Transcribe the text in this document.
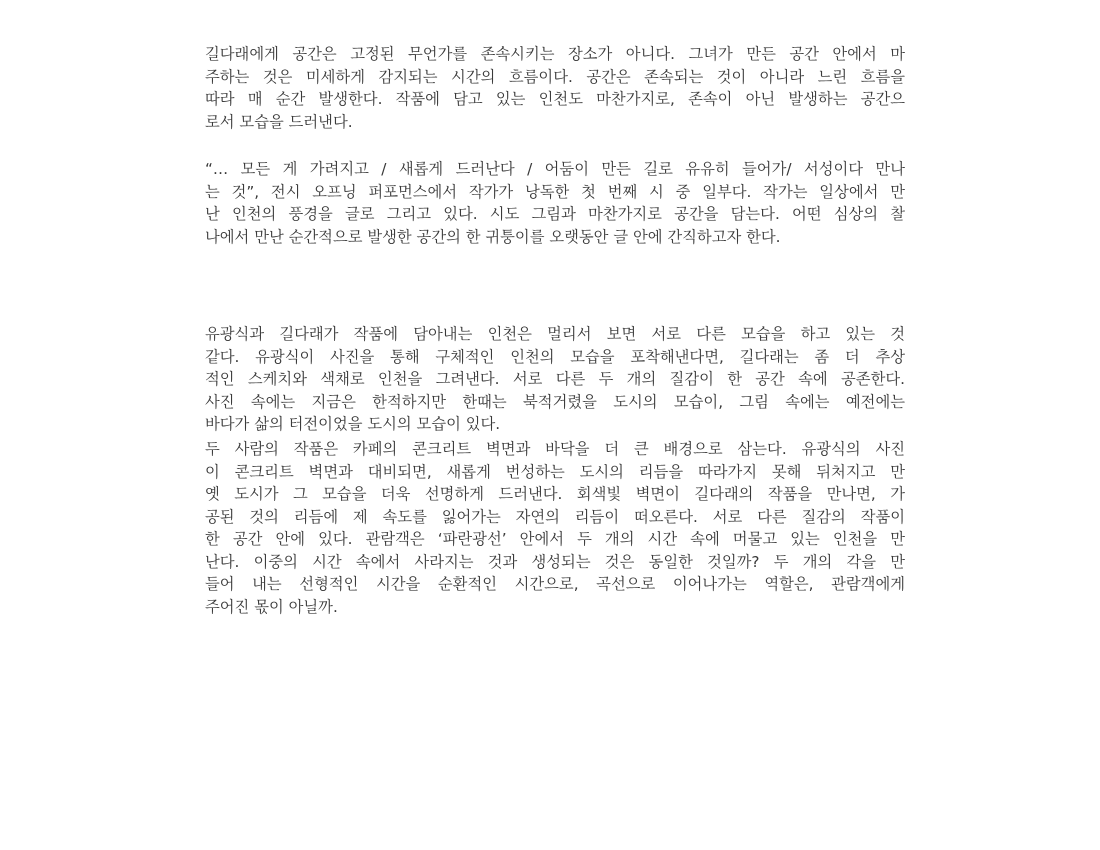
길다래에게 공간은 고정된 무언가를 존속시키는 장소가 아니다. 그녀가 만든 공간 안에서 마
주하는 것은 미세하게 감지되는 시간의 흐름이다. 공간은 존속되는 것이 아니라 느린 흐름을
따라 매 순간 발생한다. 작품에 담고 있는 인천도 마찬가지로, 존속이 아닌 발생하는 공간으
로서 모습을 드러낸다.
“… 모든 게 가려지고 / 새롭게 드러난다 / 어둠이 만든 길로 유유히 들어가/ 서성이다 만나
는 것”, 전시 오프닝 퍼포먼스에서 작가가 낭독한 첫 번째 시 중 일부다. 작가는 일상에서 만
난 인천의 풍경을 글로 그리고 있다. 시도 그림과 마찬가지로 공간을 담는다. 어떤 심상의 찰
나에서 만난 순간적으로 발생한 공간의 한 귀퉁이를 오랫동안 글 안에 간직하고자 한다.
유광식과 길다래가 작품에 담아내는 인천은 멀리서 보면 서로 다른 모습을 하고 있는 것
같다. 유광식이 사진을 통해 구체적인 인천의 모습을 포착해낸다면, 길다래는 좀 더 추상
적인 스케치와 색채로 인천을 그려낸다. 서로 다른 두 개의 질감이 한 공간 속에 공존한다.
사진 속에는 지금은 한적하지만 한때는 북적거렸을 도시의 모습이, 그림 속에는 예전에는
바다가 삶의 터전이었을 도시의 모습이 있다.
두 사람의 작품은 카페의 콘크리트 벽면과 바닥을 더 큰 배경으로 삼는다. 유광식의 사진
이 콘크리트 벽면과 대비되면, 새롭게 번성하는 도시의 리듬을 따라가지 못해 뒤처지고 만
옛 도시가 그 모습을 더욱 선명하게 드러낸다. 회색빛 벽면이 길다래의 작품을 만나면, 가
공된 것의 리듬에 제 속도를 잃어가는 자연의 리듬이 떠오른다. 서로 다른 질감의 작품이
한 공간 안에 있다. 관람객은 ‘파란광선’ 안에서 두 개의 시간 속에 머물고 있는 인천을 만
난다. 이중의 시간 속에서 사라지는 것과 생성되는 것은 동일한 것일까? 두 개의 각을 만
들어 내는 선형적인 시간을 순환적인 시간으로, 곡선으로 이어나가는 역할은, 관람객에게
주어진 몫이 아닐까.
